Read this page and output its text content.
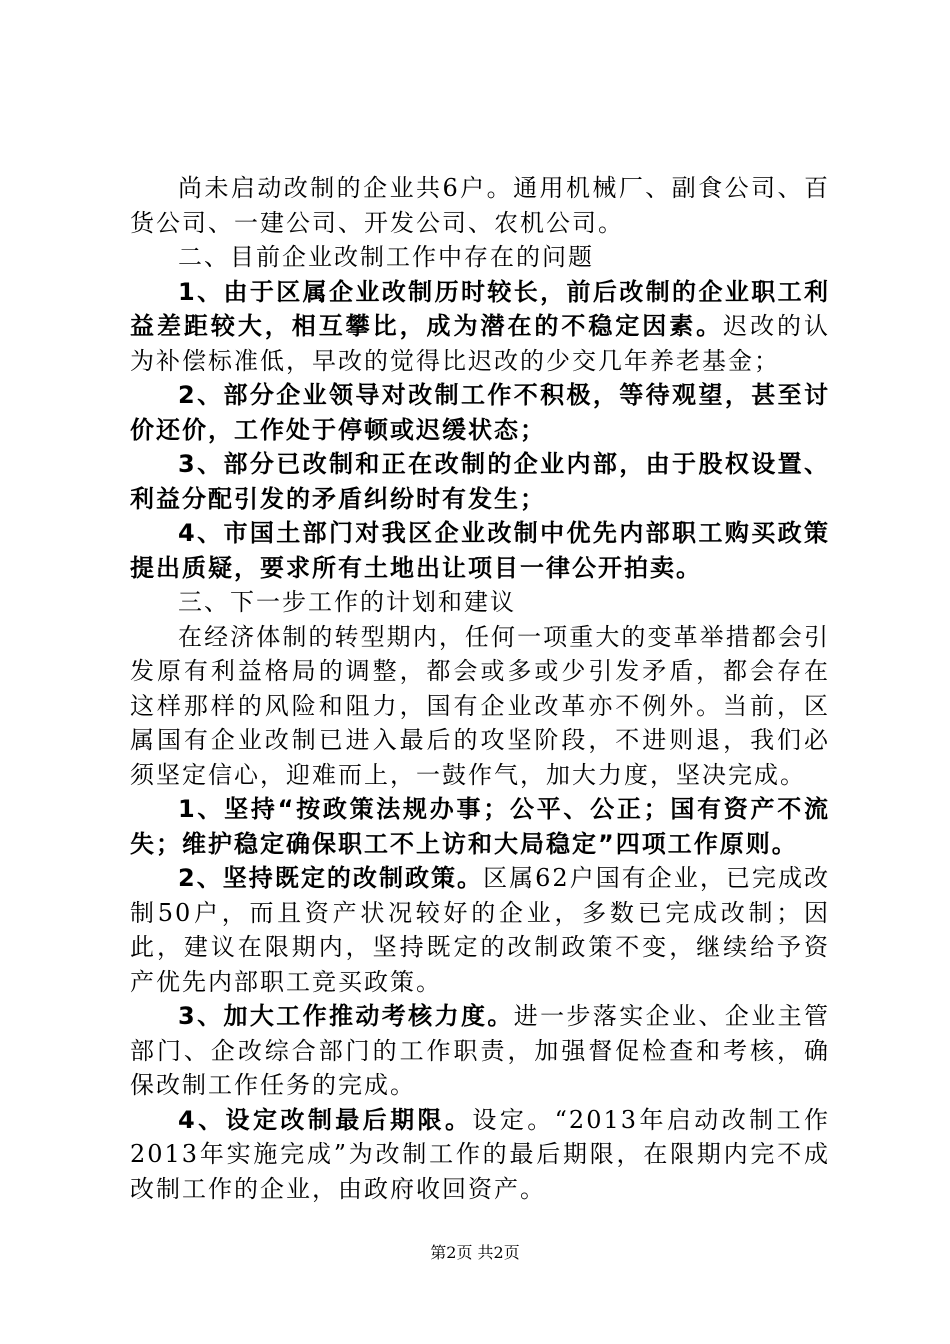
尚未启动改制的企业共6户。通用机械厂、副食公司、百货公司、一建公司、开发公司、农机公司。

二、目前企业改制工作中存在的问题

1、由于区属企业改制历时较长，前后改制的企业职工利益差距较大，相互攀比，成为潜在的不稳定因素。迟改的认为补偿标准低，早改的觉得比迟改的少交几年养老基金；

2、部分企业领导对改制工作不积极，等待观望，甚至讨价还价，工作处于停顿或迟缓状态；

3、部分已改制和正在改制的企业内部，由于股权设置、利益分配引发的矛盾纠纷时有发生；

4、市国土部门对我区企业改制中优先内部职工购买政策提出质疑，要求所有土地出让项目一律公开拍卖。

三、下一步工作的计划和建议

在经济体制的转型期内，任何一项重大的变革举措都会引发原有利益格局的调整，都会或多或少引发矛盾，都会存在这样那样的风险和阻力，国有企业改革亦不例外。当前，区属国有企业改制已进入最后的攻坚阶段，不进则退，我们必须坚定信心，迎难而上，一鼓作气，加大力度，坚决完成。

1、坚持“按政策法规办事；公平、公正；国有资产不流失；维护稳定确保职工不上访和大局稳定”四项工作原则。

2、坚持既定的改制政策。区属62户国有企业，已完成改制50户，而且资产状况较好的企业，多数已完成改制；因此，建议在限期内，坚持既定的改制政策不变，继续给予资产优先内部职工竞买政策。

3、加大工作推动考核力度。进一步落实企业、企业主管部门、企改综合部门的工作职责，加强督促检查和考核，确保改制工作任务的完成。

4、设定改制最后期限。设定。“2013年启动改制工作2013年实施完成”为改制工作的最后期限，在限期内完不成改制工作的企业，由政府收回资产。

第2页 共2页
